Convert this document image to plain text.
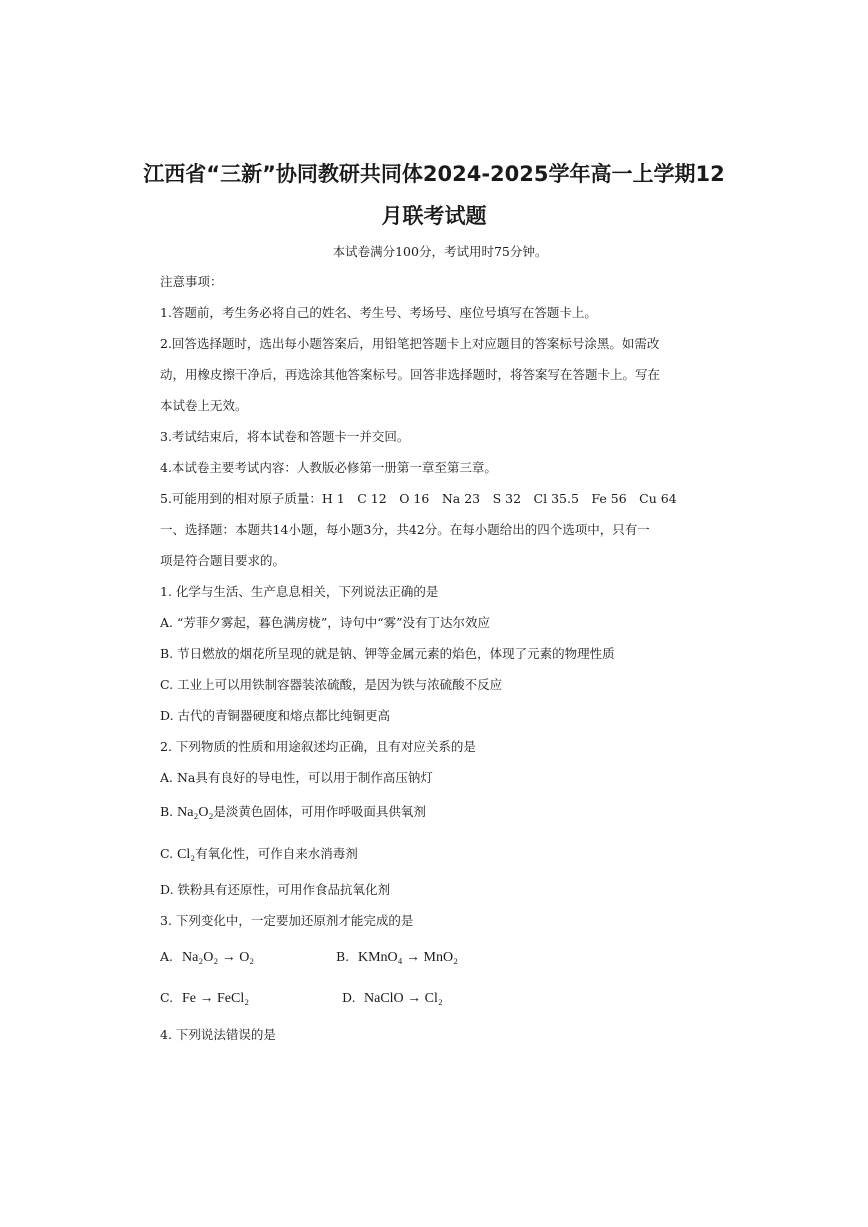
江西省“三新”协同教研共同体2024-2025学年高一上学期12
月联考试题
本试卷满分100分，考试用时75分钟。
注意事项：
1.答题前，考生务必将自己的姓名、考生号、考场号、座位号填写在答题卡上。
2.回答选择题时，选出每小题答案后，用铅笔把答题卡上对应题目的答案标号涂黑。如需改
动，用橡皮擦干净后，再选涂其他答案标号。回答非选择题时，将答案写在答题卡上。写在
本试卷上无效。
3.考试结束后，将本试卷和答题卡一并交回。
4.本试卷主要考试内容：人教版必修第一册第一章至第三章。
5.可能用到的相对原子质量：H 1　C 12　O 16　Na 23　S 32　Cl 35.5　Fe 56　Cu 64
一、选择题：本题共14小题，每小题3分，共42分。在每小题给出的四个选项中，只有一
项是符合题目要求的。
1. 化学与生活、生产息息相关，下列说法正确的是
A. “芳菲夕雾起，暮色满房栊”，诗句中“雾”没有丁达尔效应
B. 节日燃放的烟花所呈现的就是钠、钾等金属元素的焰色，体现了元素的物理性质
C. 工业上可以用铁制容器装浓硫酸，是因为铁与浓硫酸不反应
D. 古代的青铜器硬度和熔点都比纯铜更高
2. 下列物质的性质和用途叙述均正确，且有对应关系的是
A. Na具有良好的导电性，可以用于制作高压钠灯
B. Na₂O₂是淡黄色固体，可用作呼吸面具供氧剂
C. Cl₂有氧化性，可作自来水消毒剂
D. 铁粉具有还原性，可用作食品抗氧化剂
3. 下列变化中，一定要加还原剂才能完成的是
A. Na₂O₂ → O₂	B. KMnO₄ → MnO₂
C. Fe → FeCl₂	D. NaClO → Cl₂
4. 下列说法错误的是
